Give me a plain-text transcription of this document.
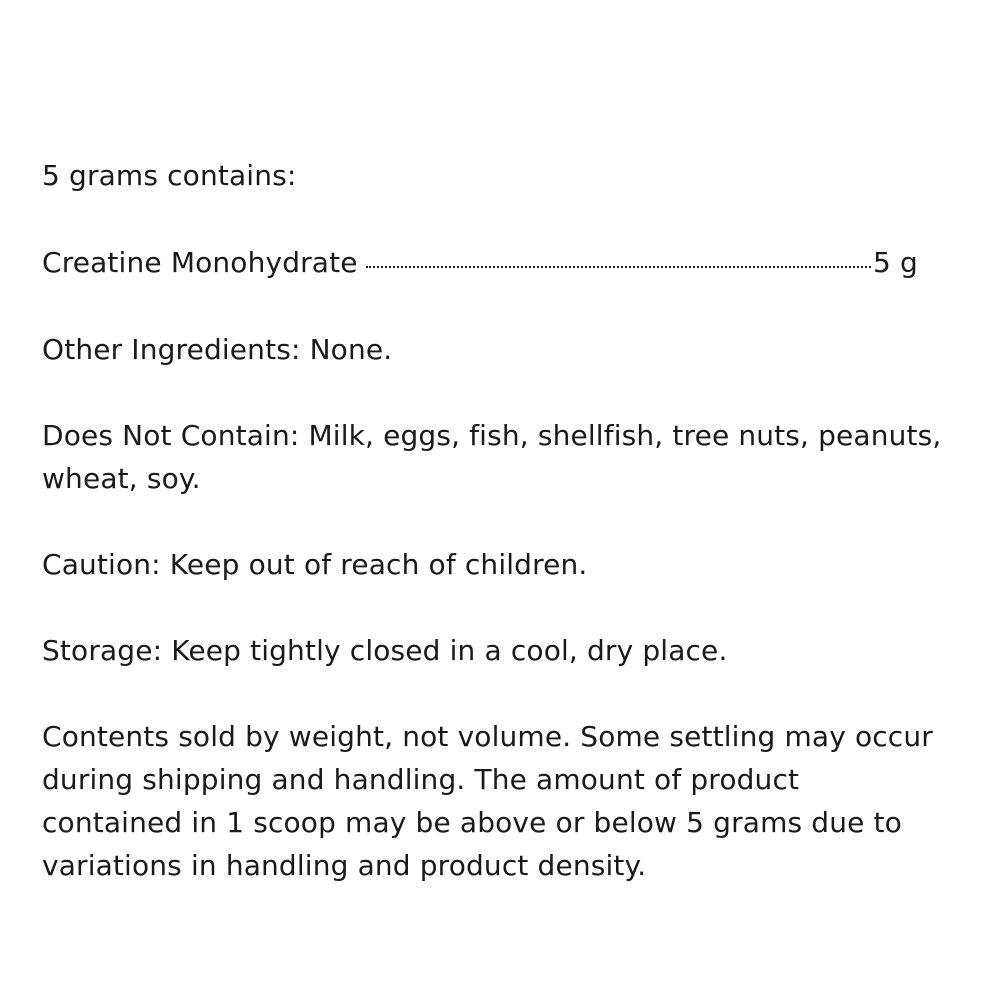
5 grams contains:

Creatine Monohydrate	5 g

Other Ingredients: None.

Does Not Contain: Milk, eggs, fish, shellfish, tree nuts, peanuts, wheat, soy.

Caution: Keep out of reach of children.

Storage: Keep tightly closed in a cool, dry place.

Contents sold by weight, not volume. Some settling may occur during shipping and handling. The amount of product contained in 1 scoop may be above or below 5 grams due to variations in handling and product density.
